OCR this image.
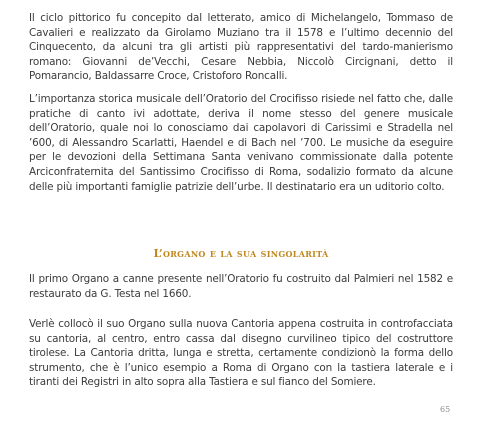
Il ciclo pittorico fu concepito dal letterato, amico di Michelangelo, Tommaso de Cavalieri e realizzato da Girolamo Muziano tra il 1578 e l’ultimo decennio del Cinquecento, da alcuni tra gli artisti più rappresentativi del tardo-manierismo romano: Giovanni de’Vecchi, Cesare Nebbia, Niccolò Circignani, detto il Pomarancio, Baldassarre Croce, Cristoforo Roncalli.

L’importanza storica musicale dell’Oratorio del Crocifisso risiede nel fatto che, dalle pratiche di canto ivi adottate, deriva il nome stesso del genere musicale dell’Oratorio, quale noi lo conosciamo dai capolavori di Carissimi e Stradella nel ’600, di Alessandro Scarlatti, Haendel e di Bach nel ’700. Le musiche da eseguire per le devozioni della Settimana Santa venivano commissionate dalla potente Arciconfraternita del Santissimo Crocifisso di Roma, sodalizio formato da alcune delle più importanti famiglie patrizie dell’urbe. Il destinatario era un uditorio colto.

L’organo e la sua singolarità

Il primo Organo a canne presente nell’Oratorio fu costruito dal Palmieri nel 1582 e restaurato da G. Testa nel 1660.

Verlè collocò il suo Organo sulla nuova Cantoria appena costruita in controfacciata su cantoria, al centro, entro cassa dal disegno curvilineo tipico del costruttore tirolese. La Cantoria dritta, lunga e stretta, certamente condizionò la forma dello strumento, che è l’unico esempio a Roma di Organo con la tastiera laterale e i tiranti dei Registri in alto sopra alla Tastiera e sul fianco del Somiere.

65
